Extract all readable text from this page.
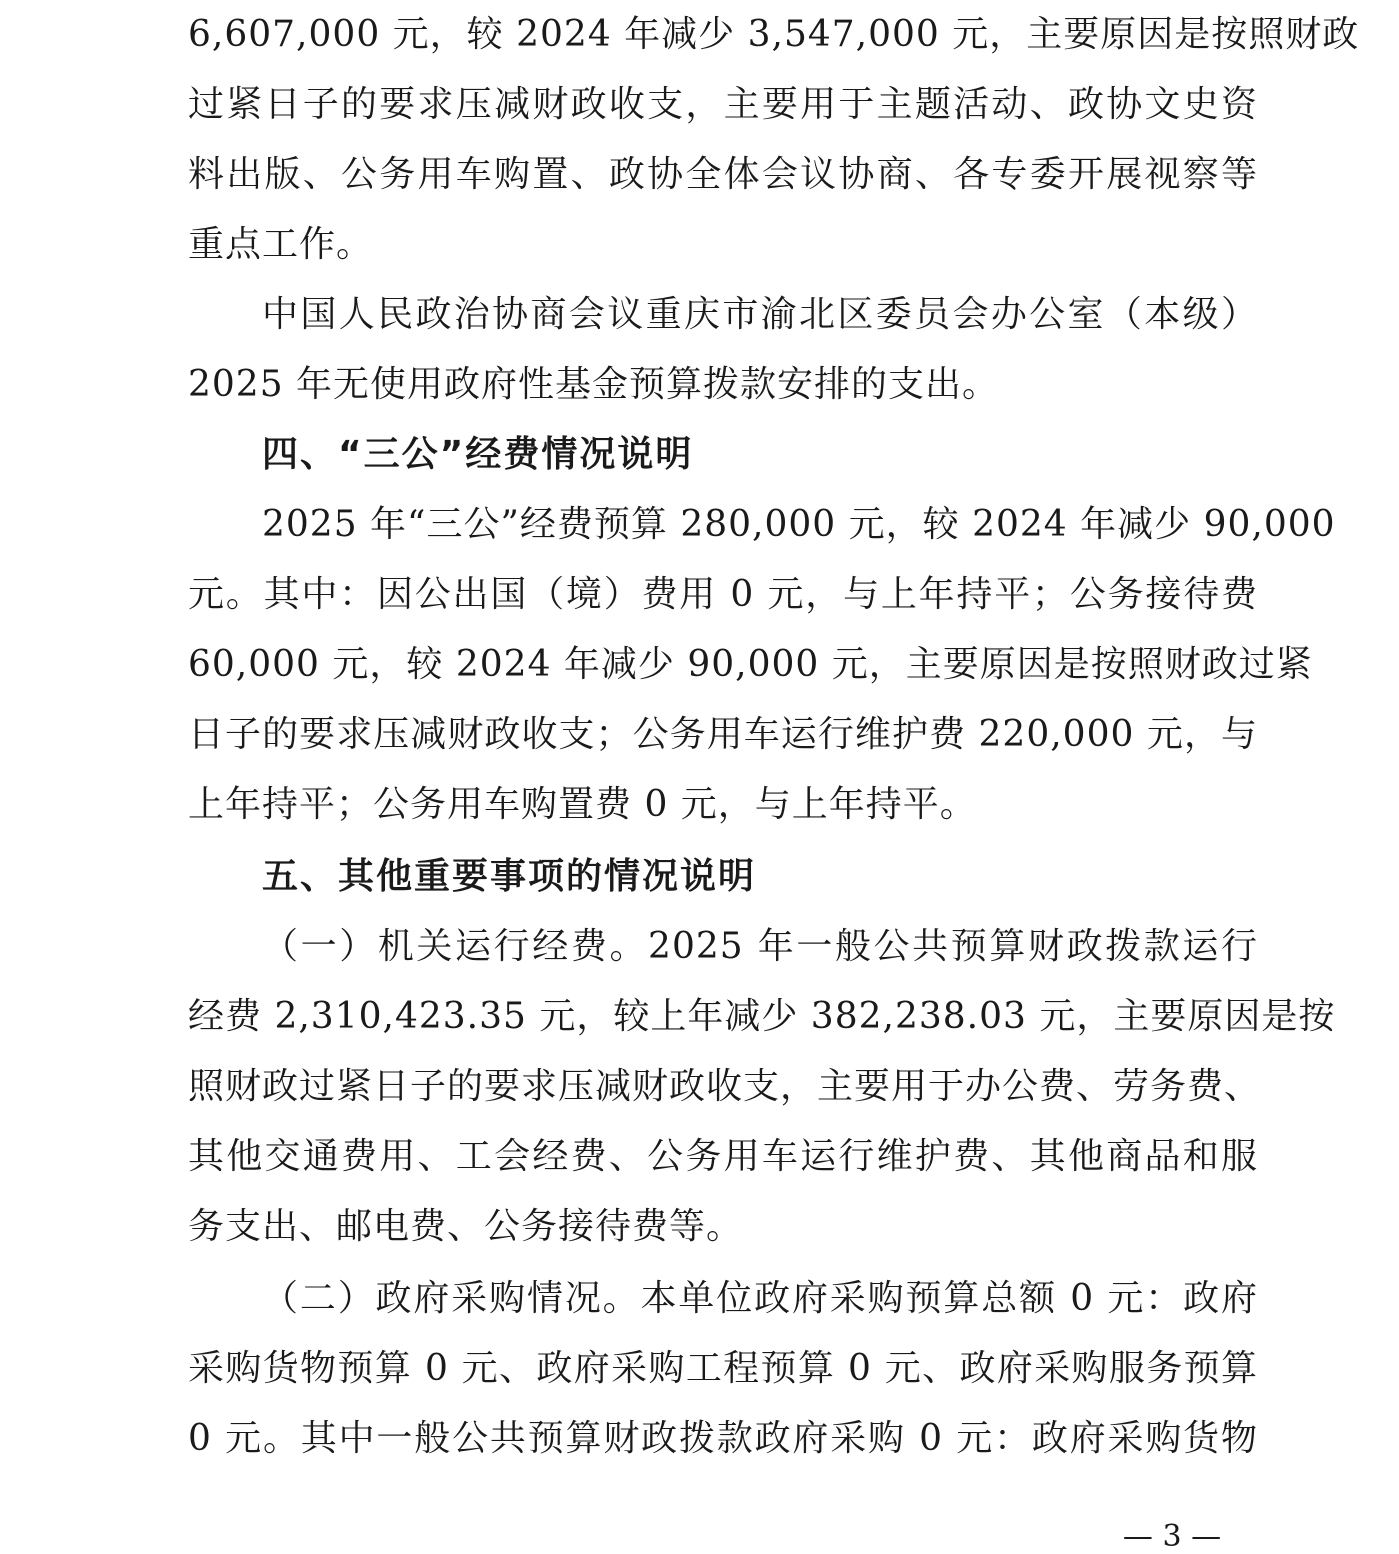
6,607,000 元，较 2024 年减少 3,547,000 元，主要原因是按照财政
过紧日子的要求压减财政收支，主要用于主题活动、政协文史资
料出版、公务用车购置、政协全体会议协商、各专委开展视察等
重点工作。
中国人民政治协商会议重庆市渝北区委员会办公室（本级）
2025 年无使用政府性基金预算拨款安排的支出。
四、“三公”经费情况说明
2025 年“三公”经费预算 280,000 元，较 2024 年减少 90,000
元。其中：因公出国（境）费用 0 元，与上年持平；公务接待费
60,000 元，较 2024 年减少 90,000 元，主要原因是按照财政过紧
日子的要求压减财政收支；公务用车运行维护费 220,000 元，与
上年持平；公务用车购置费 0 元，与上年持平。
五、其他重要事项的情况说明
（一）机关运行经费。2025 年一般公共预算财政拨款运行
经费 2,310,423.35 元，较上年减少 382,238.03 元，主要原因是按
照财政过紧日子的要求压减财政收支，主要用于办公费、劳务费、
其他交通费用、工会经费、公务用车运行维护费、其他商品和服
务支出、邮电费、公务接待费等。
（二）政府采购情况。本单位政府采购预算总额 0 元：政府
采购货物预算 0 元、政府采购工程预算 0 元、政府采购服务预算
0 元。其中一般公共预算财政拨款政府采购 0 元：政府采购货物
— 3 —
